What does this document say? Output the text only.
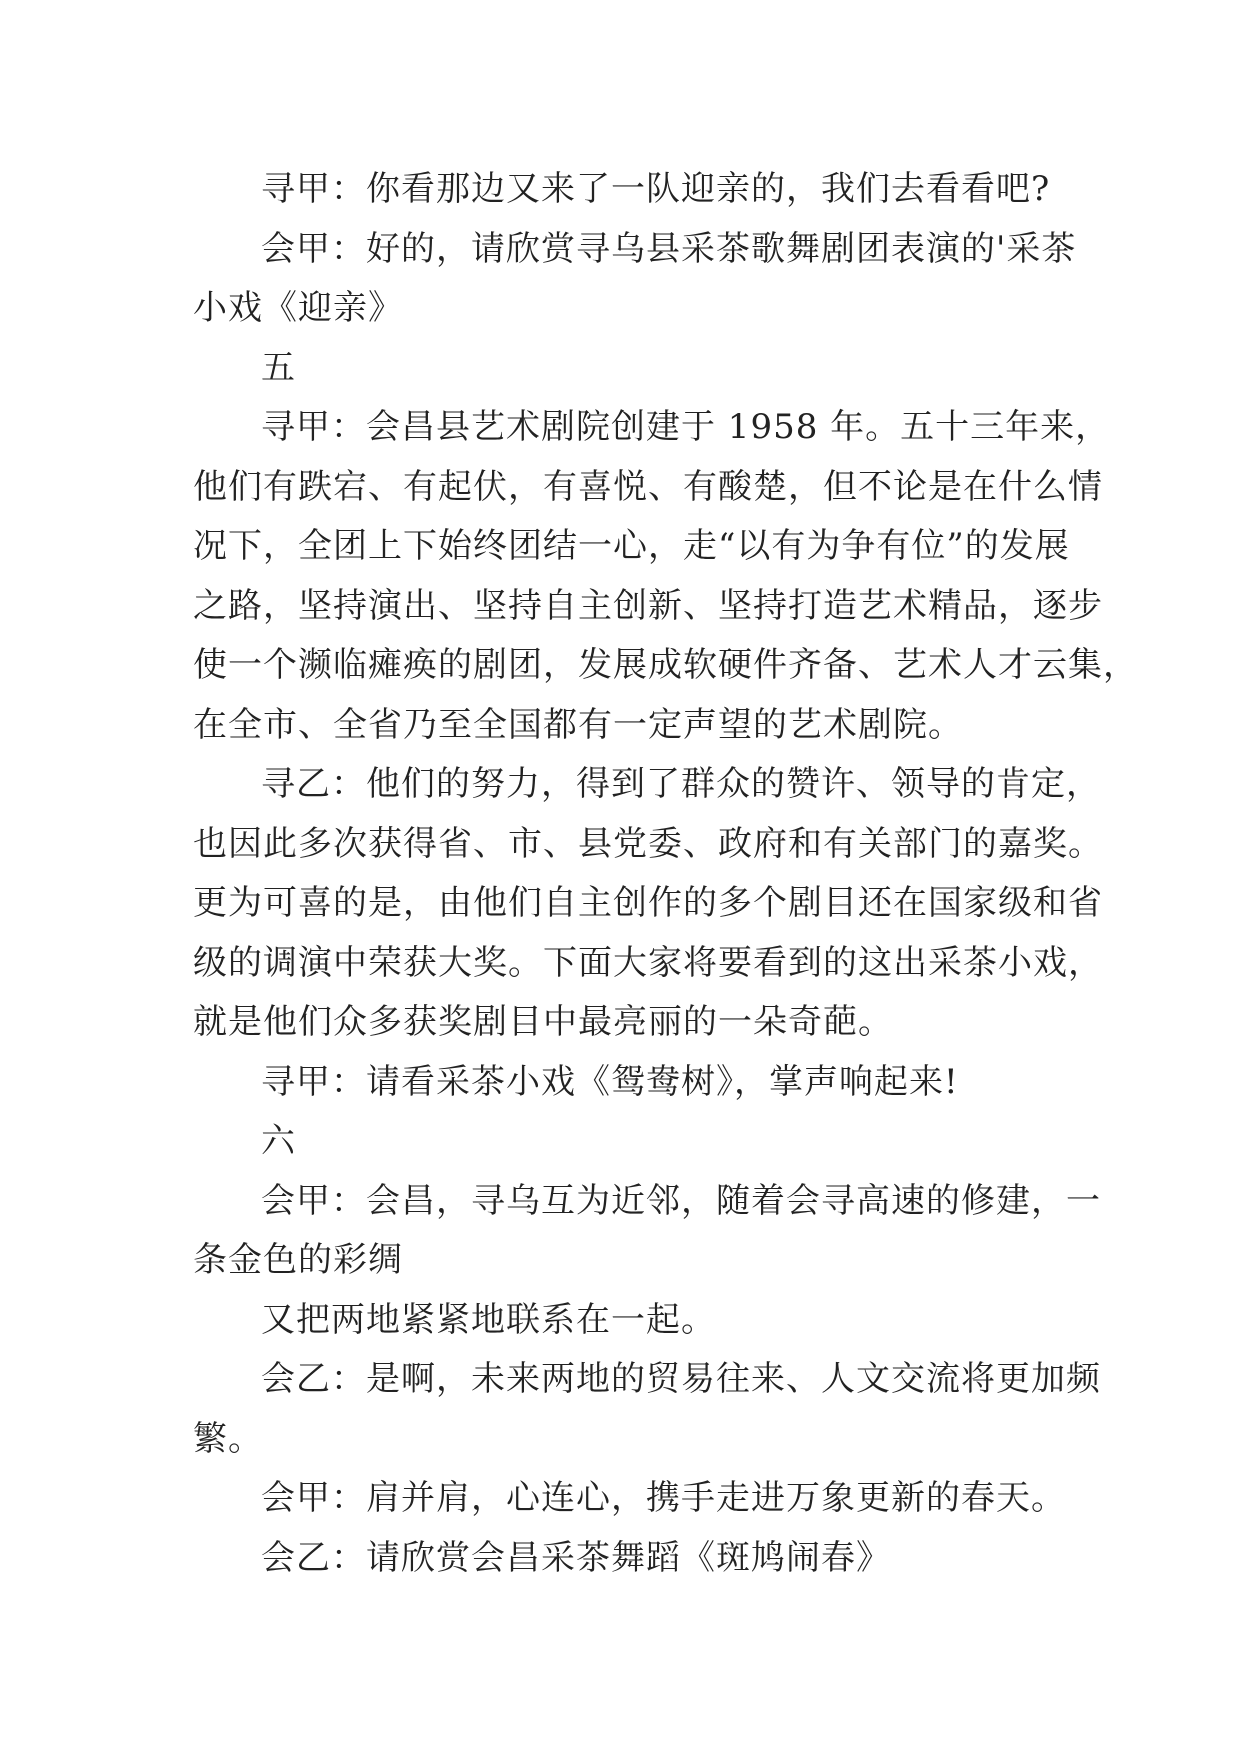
寻甲：你看那边又来了一队迎亲的，我们去看看吧?
会甲：好的，请欣赏寻乌县采茶歌舞剧团表演的'采茶
小戏《迎亲》
五
寻甲：会昌县艺术剧院创建于 1958 年。五十三年来，
他们有跌宕、有起伏，有喜悦、有酸楚，但不论是在什么情
况下，全团上下始终团结一心，走“以有为争有位”的发展
之路，坚持演出、坚持自主创新、坚持打造艺术精品，逐步
使一个濒临瘫痪的剧团，发展成软硬件齐备、艺术人才云集，
在全市、全省乃至全国都有一定声望的艺术剧院。
寻乙：他们的努力，得到了群众的赞许、领导的肯定，
也因此多次获得省、市、县党委、政府和有关部门的嘉奖。
更为可喜的是，由他们自主创作的多个剧目还在国家级和省
级的调演中荣获大奖。下面大家将要看到的这出采茶小戏，
就是他们众多获奖剧目中最亮丽的一朵奇葩。
寻甲：请看采茶小戏《鸳鸯树》，掌声响起来!
六
会甲：会昌，寻乌互为近邻，随着会寻高速的修建，一
条金色的彩绸
又把两地紧紧地联系在一起。
会乙：是啊，未来两地的贸易往来、人文交流将更加频
繁。
会甲：肩并肩，心连心，携手走进万象更新的春天。
会乙：请欣赏会昌采茶舞蹈《斑鸠闹春》
